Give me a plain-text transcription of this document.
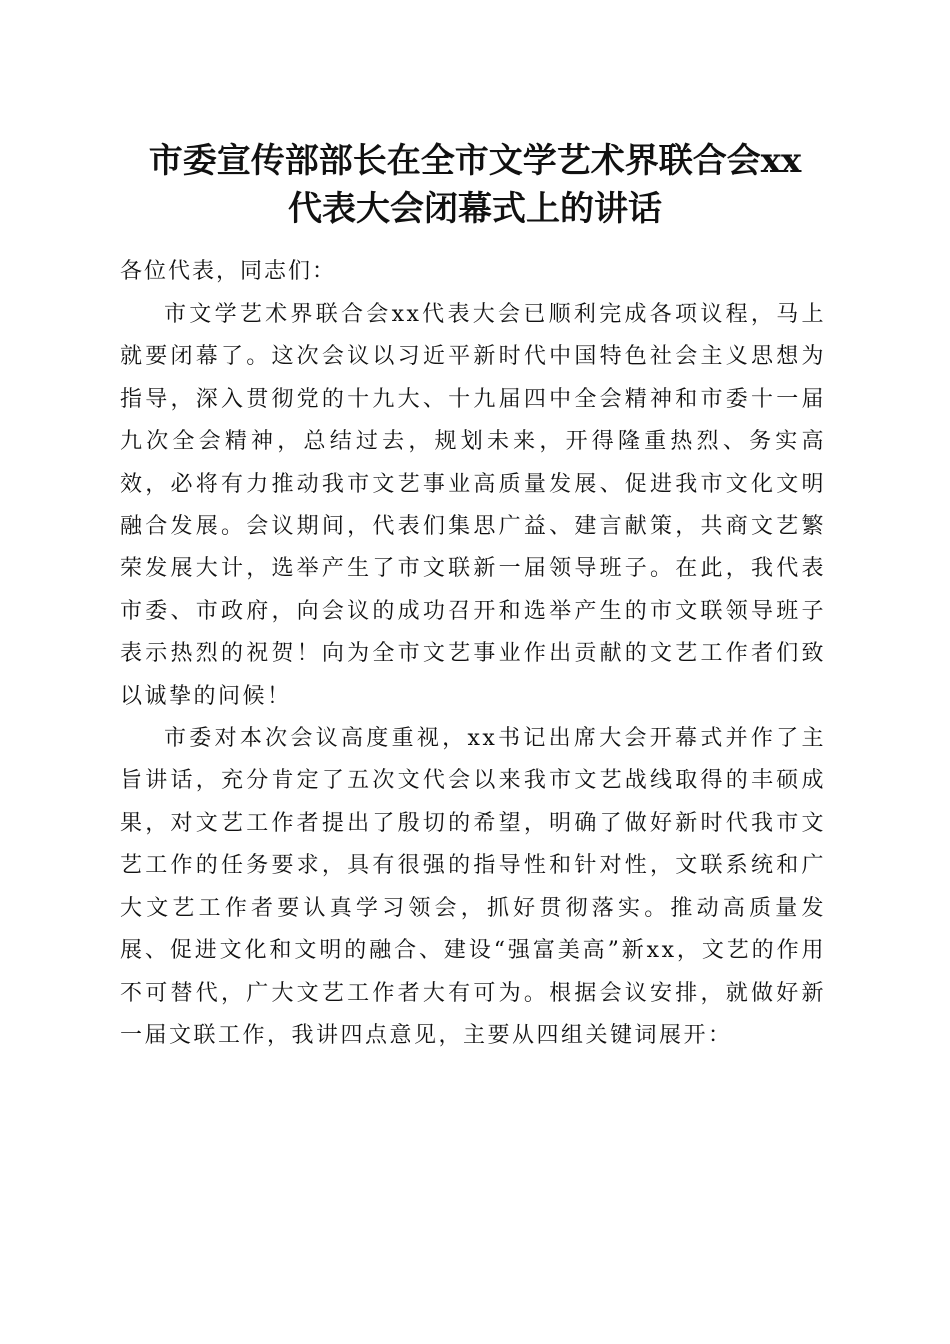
市委宣传部部长在全市文学艺术界联合会xx
代表大会闭幕式上的讲话

各位代表，同志们：

市文学艺术界联合会xx代表大会已顺利完成各项议程，马上就要闭幕了。这次会议以习近平新时代中国特色社会主义思想为指导，深入贯彻党的十九大、十九届四中全会精神和市委十一届九次全会精神，总结过去，规划未来，开得隆重热烈、务实高效，必将有力推动我市文艺事业高质量发展、促进我市文化文明融合发展。会议期间，代表们集思广益、建言献策，共商文艺繁荣发展大计，选举产生了市文联新一届领导班子。在此，我代表市委、市政府，向会议的成功召开和选举产生的市文联领导班子表示热烈的祝贺！向为全市文艺事业作出贡献的文艺工作者们致以诚挚的问候！

市委对本次会议高度重视，xx书记出席大会开幕式并作了主旨讲话，充分肯定了五次文代会以来我市文艺战线取得的丰硕成果，对文艺工作者提出了殷切的希望，明确了做好新时代我市文艺工作的任务要求，具有很强的指导性和针对性，文联系统和广大文艺工作者要认真学习领会，抓好贯彻落实。推动高质量发展、促进文化和文明的融合、建设“强富美高”新xx，文艺的作用不可替代，广大文艺工作者大有可为。根据会议安排，就做好新一届文联工作，我讲四点意见，主要从四组关键词展开：
